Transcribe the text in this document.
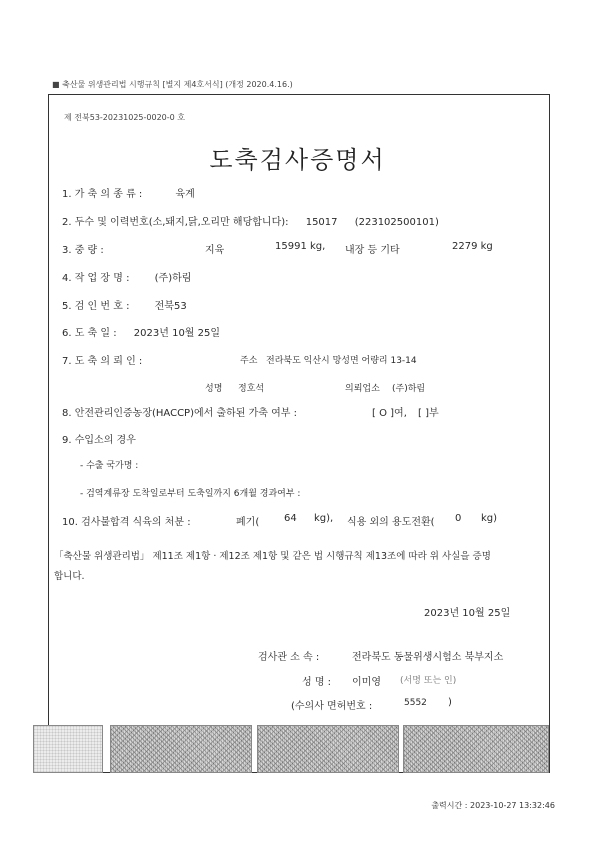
■ 축산물 위생관리법 시행규칙 [별지 제4호서식] (개정 2020.4.16.)
제 전북53-20231025-0020-0 호
도축검사증명서
1. 가 축 의 종 류 :	육계
2. 두수 및 이력번호(소,돼지,닭,오리만 해당합니다): 15017 (223102500101)
3. 중 량 :	지육	15991 kg, 내장 등 기타	2279 kg
4. 작 업 장 명 :	(주)하림
5. 검 인 번 호 :	전북53
6. 도 축 일 : 2023년 10월 25일
7. 도 축 의 뢰 인 :	주소 전라북도 익산시 망성면 어량리 13-14
성명 정호석	의뢰업소 (주)하림
8. 안전관리인증농장(HACCP)에서 출하된 가축 여부 :	[ O ]여, [ ]부
9. 수입소의 경우
- 수출 국가명 :
- 검역계류장 도착일로부터 도축일까지 6개월 경과여부 :
10. 검사불합격 식육의 처분 :	폐기( 64 kg), 식용 외의 용도전환( 0 kg)
「축산물 위생관리법」 제11조 제1항 · 제12조 제1항 및 같은 법 시행규칙 제13조에 따라 위 사실을 증명
합니다.
2023년 10월 25일
검사관 소 속 :	전라북도 동물위생시험소 북부지소
성 명 : 이미영 (서명 또는 인)
(수의사 면허번호 :	5552 )
출력시간 : 2023-10-27 13:32:46
